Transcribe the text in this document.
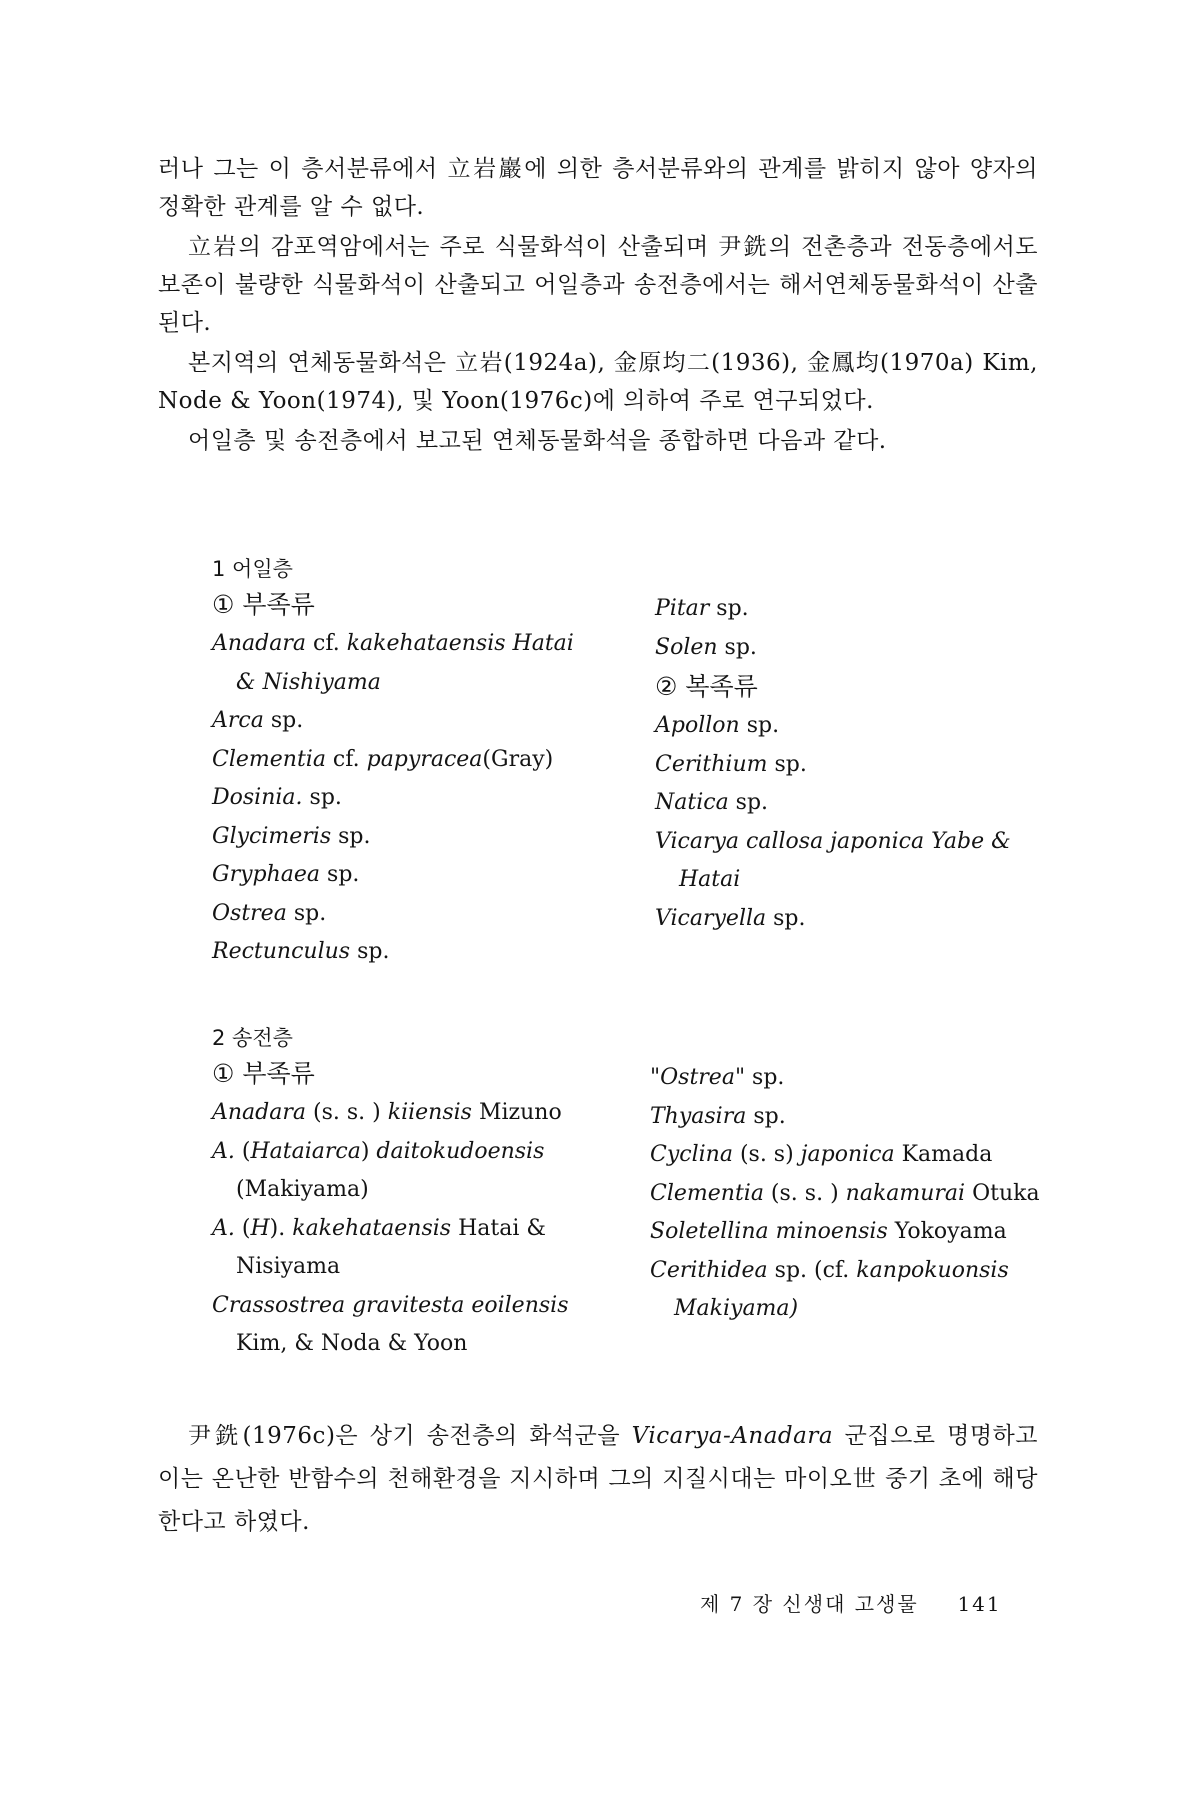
러나 그는 이 층서분류에서 立岩巖에 의한 층서분류와의 관계를 밝히지 않아 양자의 정확한 관계를 알 수 없다.

立岩의 감포역암에서는 주로 식물화석이 산출되며 尹銑의 전촌층과 전동층에서도 보존이 불량한 식물화석이 산출되고 어일층과 송전층에서는 해서연체동물화석이 산출된다.

본지역의 연체동물화석은 立岩(1924a), 金原均二(1936), 金鳳均(1970a) Kim, Node & Yoon(1974), 및 Yoon(1976c)에 의하여 주로 연구되었다.

어일층 및 송전층에서 보고된 연체동물화석을 종합하면 다음과 같다.

1 어일층
① 부족류
Anadara cf. kakehataensis Hatai
& Nishiyama
Arca sp.
Clementia cf. papyracea(Gray)
Dosinia. sp.
Glycimeris sp.
Gryphaea sp.
Ostrea sp.
Rectunculus sp.
Pitar sp.
Solen sp.
② 복족류
Apollon sp.
Cerithium sp.
Natica sp.
Vicarya callosa japonica Yabe &
Hatai
Vicaryella sp.
2 송전층
① 부족류
Anadara (s. s. ) kiiensis Mizuno
A. (Hataiarca) daitokudoensis
(Makiyama)
A. (H). kakehataensis Hatai &
Nisiyama
Crassostrea gravitesta eoilensis
Kim, & Noda & Yoon
"Ostrea" sp.
Thyasira sp.
Cyclina (s. s) japonica Kamada
Clementia (s. s. ) nakamurai Otuka
Soletellina minoensis Yokoyama
Cerithidea sp. (cf. kanpokuonsis
Makiyama)

尹銑(1976c)은 상기 송전층의 화석군을 Vicarya-Anadara 군집으로 명명하고 이는 온난한 반함수의 천해환경을 지시하며 그의 지질시대는 마이오世 중기 초에 해당한다고 하였다.

제 7 장 신생대 고생물 141
